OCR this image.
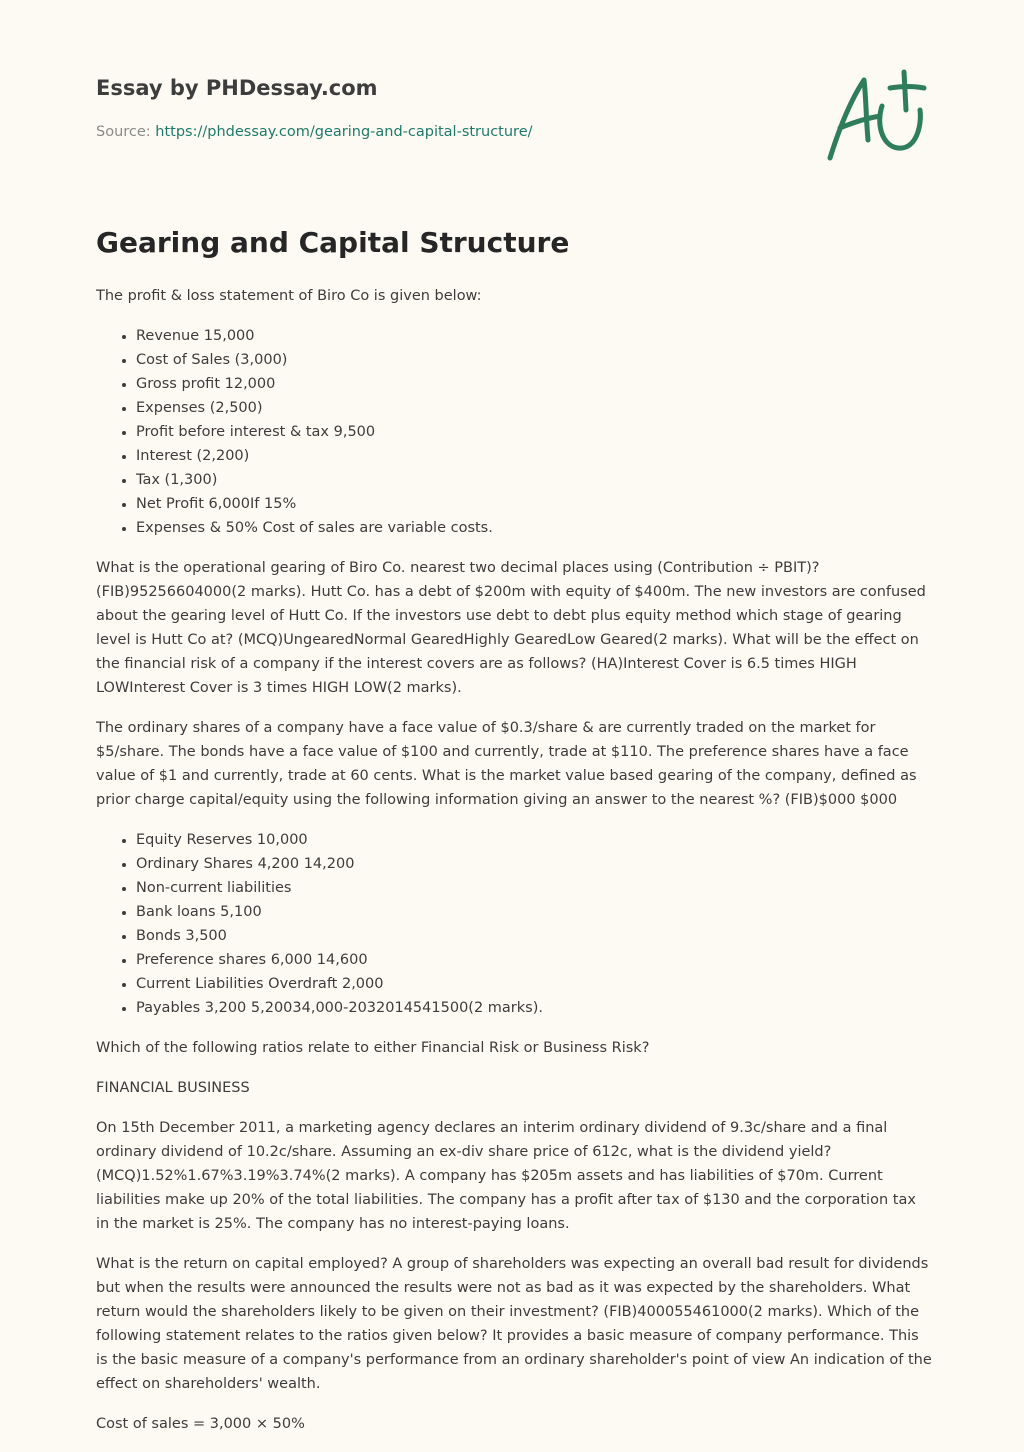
Essay by PHDessay.com
Source: https://phdessay.com/gearing-and-capital-structure/
Gearing and Capital Structure

The profit & loss statement of Biro Co is given below:

• Revenue 15,000
• Cost of Sales (3,000)
• Gross profit 12,000
• Expenses (2,500)
• Profit before interest & tax 9,500
• Interest (2,200)
• Tax (1,300)
• Net Profit 6,000If 15%
• Expenses & 50% Cost of sales are variable costs.

What is the operational gearing of Biro Co. nearest two decimal places using (Contribution ÷ PBIT)?(FIB)95256604000(2 marks). Hutt Co. has a debt of $200m with equity of $400m. The new investors are confused about the gearing level of Hutt Co. If the investors use debt to debt plus equity method which stage of gearing level is Hutt Co at? (MCQ)UngearedNormal GearedHighly GearedLow Geared(2 marks). What will be the effect on the financial risk of a company if the interest covers are as follows? (HA)Interest Cover is 6.5 times HIGH LOWInterest Cover is 3 times HIGH LOW(2 marks).

The ordinary shares of a company have a face value of $0.3/share & are currently traded on the market for $5/share. The bonds have a face value of $100 and currently, trade at $110. The preference shares have a face value of $1 and currently, trade at 60 cents. What is the market value based gearing of the company, defined as prior charge capital/equity using the following information giving an answer to the nearest %? (FIB)$000 $000

• Equity Reserves 10,000
• Ordinary Shares 4,200 14,200
• Non-current liabilities
• Bank loans 5,100
• Bonds 3,500
• Preference shares 6,000 14,600
• Current Liabilities Overdraft 2,000
• Payables 3,200 5,20034,000-2032014541500(2 marks).

Which of the following ratios relate to either Financial Risk or Business Risk?

FINANCIAL BUSINESS

On 15th December 2011, a marketing agency declares an interim ordinary dividend of 9.3c/share and a final ordinary dividend of 10.2c/share. Assuming an ex-div share price of 612c, what is the dividend yield? (MCQ)1.52%1.67%3.19%3.74%(2 marks). A company has $205m assets and has liabilities of $70m. Current liabilities make up 20% of the total liabilities. The company has a profit after tax of $130 and the corporation tax in the market is 25%. The company has no interest-paying loans.

What is the return on capital employed? A group of shareholders was expecting an overall bad result for dividends but when the results were announced the results were not as bad as it was expected by the shareholders. What return would the shareholders likely to be given on their investment? (FIB)400055461000(2 marks). Which of the following statement relates to the ratios given below? It provides a basic measure of company performance. This is the basic measure of a company's performance from an ordinary shareholder's point of view An indication of the effect on shareholders' wealth.

Cost of sales = 3,000 × 50%
